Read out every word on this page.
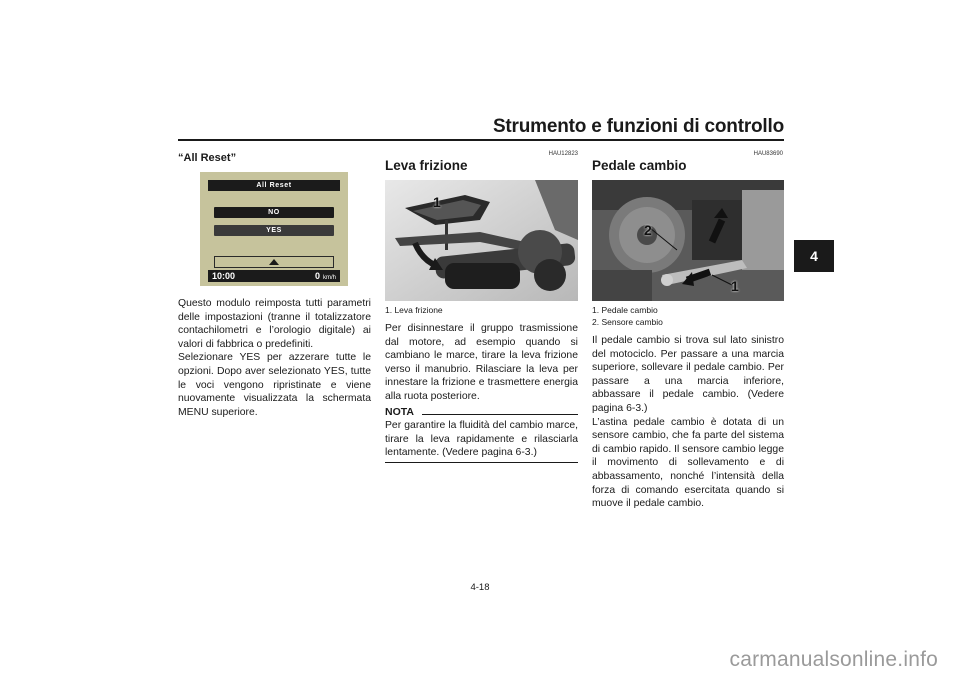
Strumento e funzioni di controllo
4
“All Reset”
All Reset
NO
YES
10:00	0 km/h

Questo modulo reimposta tutti parametri delle impostazioni (tranne il totalizzatore contachilometri e l’orologio digitale) ai valori di fabbrica o predefiniti.

Selezionare YES per azzerare tutte le opzioni. Dopo aver selezionato YES, tutte le voci vengono ripristinate e viene nuovamente visualizzata la schermata MENU superiore.

HAU12823
Leva frizione
1
1. Leva frizione

Per disinnestare il gruppo trasmissione dal motore, ad esempio quando si cambiano le marce, tirare la leva frizione verso il manubrio. Rilasciare la leva per innestare la frizione e trasmettere energia alla ruota posteriore.

NOTA

Per garantire la fluidità del cambio marce, tirare la leva rapidamente e rilasciarla lentamente. (Vedere pagina 6-3.)

HAU83690
Pedale cambio
2
1
1. Pedale cambio
2. Sensore cambio

Il pedale cambio si trova sul lato sinistro del motociclo. Per passare a una marcia superiore, sollevare il pedale cambio. Per passare a una marcia inferiore, abbassare il pedale cambio. (Vedere pagina 6-3.)

L’astina pedale cambio è dotata di un sensore cambio, che fa parte del sistema di cambio rapido. Il sensore cambio legge il movimento di sollevamento e di abbassamento, nonché l’intensità della forza di comando esercitata quando si muove il pedale cambio.

4-18
carmanualsonline.info
